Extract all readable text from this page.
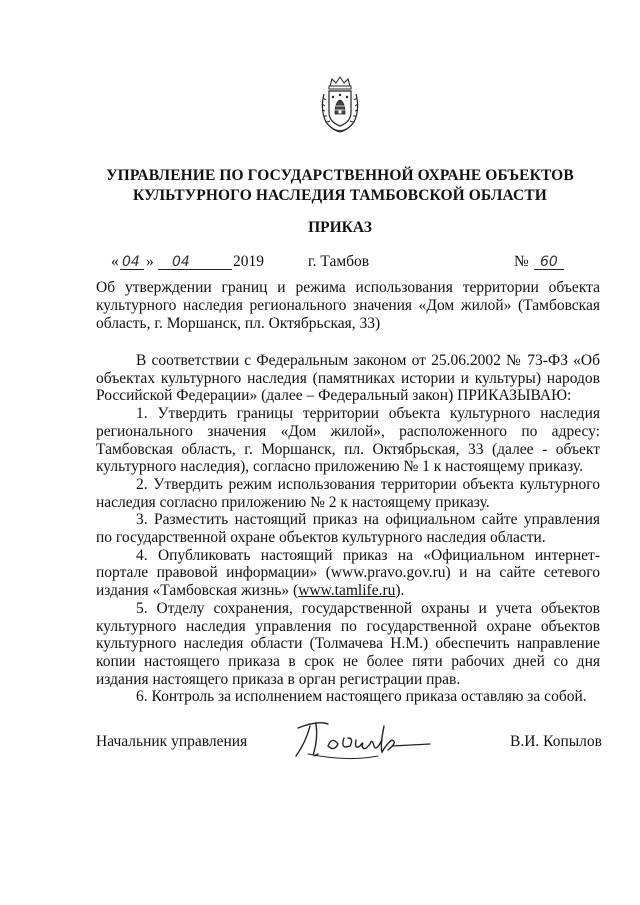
УПРАВЛЕНИЕ ПО ГОСУДАРСТВЕННОЙ ОХРАНЕ ОБЪЕКТОВ
КУЛЬТУРНОГО НАСЛЕДИЯ ТАМБОВСКОЙ ОБЛАСТИ
ПРИКАЗ
« 04 » 04	2019	г. Тамбов	№ 60
Об утверждении границ и режима использования территории объекта культурного наследия регионального значения «Дом жилой» (Тамбовская область, г. Моршанск, пл. Октябрьская, 33)

В соответствии с Федеральным законом от 25.06.2002 № 73-ФЗ «Об объектах культурного наследия (памятниках истории и культуры) народов Российской Федерации» (далее – Федеральный закон) ПРИКАЗЫВАЮ:

1. Утвердить границы территории объекта культурного наследия регионального значения «Дом жилой», расположенного по адресу: Тамбовская область, г. Моршанск, пл. Октябрьская, 33 (далее - объект культурного наследия), согласно приложению № 1 к настоящему приказу.

2. Утвердить режим использования территории объекта культурного наследия согласно приложению № 2 к настоящему приказу.

3. Разместить настоящий приказ на официальном сайте управления по государственной охране объектов культурного наследия области.

4. Опубликовать настоящий приказ на «Официальном интернет-портале правовой информации» (www.pravo.gov.ru) и на сайте сетевого издания «Тамбовская жизнь» (www.tamlife.ru).

5. Отделу сохранения, государственной охраны и учета объектов культурного наследия управления по государственной охране объектов культурного наследия области (Толмачева Н.М.) обеспечить направление копии настоящего приказа в срок не более пяти рабочих дней со дня издания настоящего приказа в орган регистрации прав.

6. Контроль за исполнением настоящего приказа оставляю за собой.

Начальник управления	В.И. Копылов
